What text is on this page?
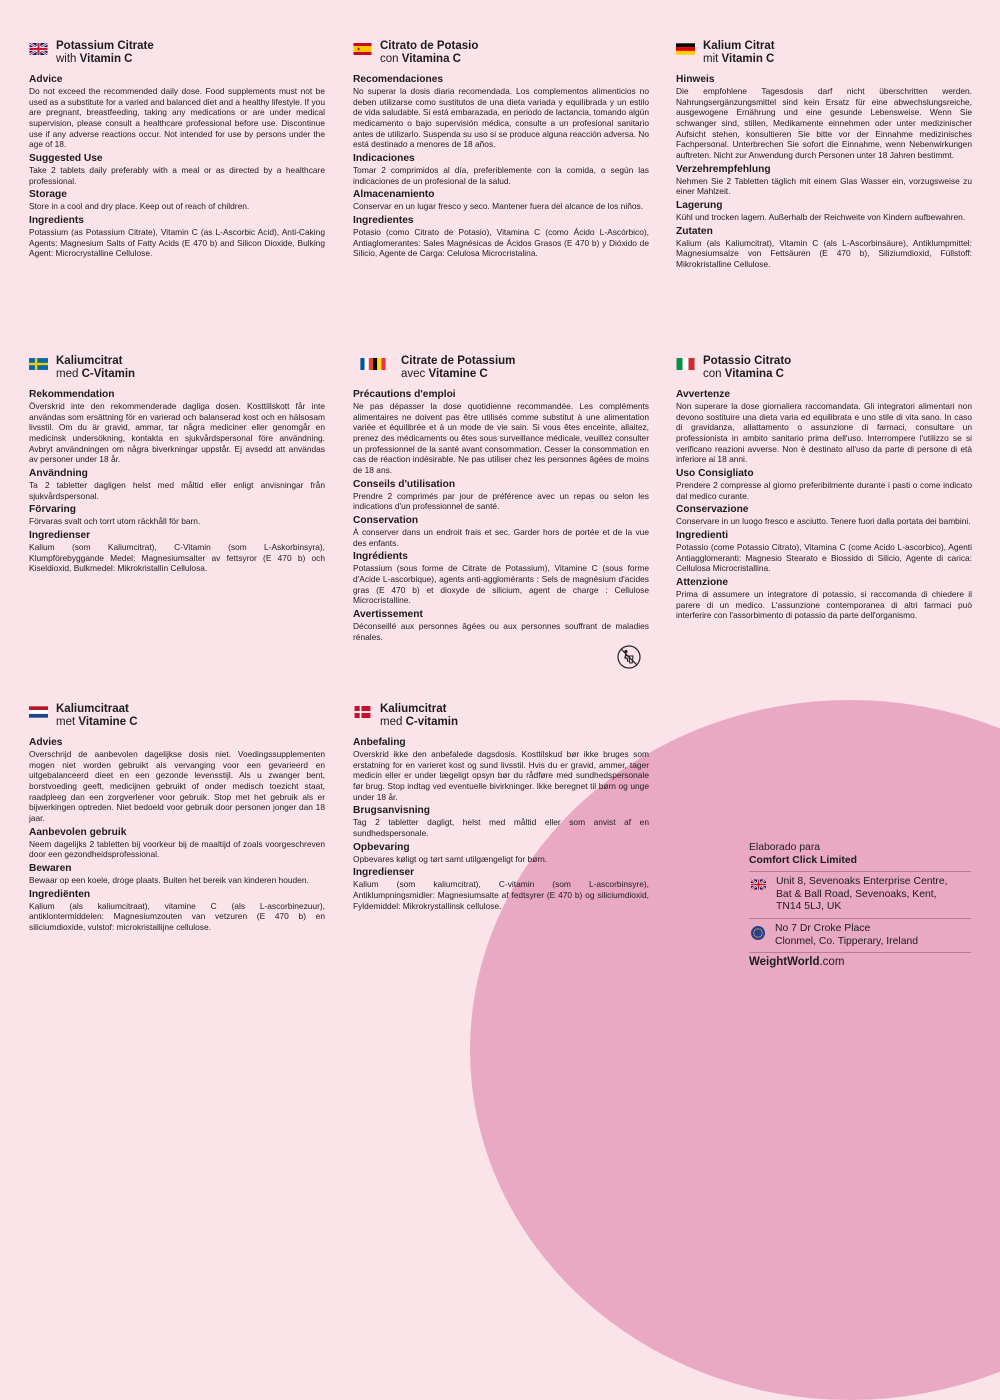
Potassium Citrate
with Vitamin C
Advice

Do not exceed the recommended daily dose. Food supplements must not be used as a substitute for a varied and balanced diet and a healthy lifestyle. If you are pregnant, breastfeeding, taking any medications or are under medical supervision, please consult a healthcare professional before use. Discontinue use if any adverse reactions occur. Not intended for use by persons under the age of 18.

Suggested Use

Take 2 tablets daily preferably with a meal or as directed by a healthcare professional.

Storage

Store in a cool and dry place. Keep out of reach of children.

Ingredients

Potassium (as Potassium Citrate), Vitamin C (as L-Ascorbic Acid), Anti-Caking Agents: Magnesium Salts of Fatty Acids (E 470 b) and Silicon Dioxide, Bulking Agent: Microcrystalline Cellulose.

Citrato de Potasio
con Vitamina C
Recomendaciones

No superar la dosis diaria recomendada. Los complementos alimenticios no deben utilizarse como sustitutos de una dieta variada y equilibrada y un estilo de vida saludable. Si está embarazada, en periodo de lactancia, tomando algún medicamento o bajo supervisión médica, consulte a un profesional sanitario antes de utilizarlo. Suspenda su uso si se produce alguna reacción adversa. No está destinado a menores de 18 años.

Indicaciones

Tomar 2 comprimidos al día, preferiblemente con la comida, o según las indicaciones de un profesional de la salud.

Almacenamiento

Conservar en un lugar fresco y seco. Mantener fuera del alcance de los niños.

Ingredientes

Potasio (como Citrato de Potasio), Vitamina C (como Ácido L-Ascórbico), Antiaglomerantes: Sales Magnésicas de Ácidos Grasos (E 470 b) y Dióxido de Silicio, Agente de Carga: Celulosa Microcristalina.

Kalium Citrat
mit Vitamin C
Hinweis

Die empfohlene Tagesdosis darf nicht überschritten werden. Nahrungsergänzungsmittel sind kein Ersatz für eine abwechslungsreiche, ausgewogene Ernährung und eine gesunde Lebensweise. Wenn Sie schwanger sind, stillen, Medikamente einnehmen oder unter medizinischer Aufsicht stehen, konsultieren Sie bitte vor der Einnahme medizinisches Fachpersonal. Unterbrechen Sie sofort die Einnahme, wenn Nebenwirkungen auftreten. Nicht zur Anwendung durch Personen unter 18 Jahren bestimmt.

Verzehrempfehlung

Nehmen Sie 2 Tabletten täglich mit einem Glas Wasser ein, vorzugsweise zu einer Mahlzeit.

Lagerung

Kühl und trocken lagern. Außerhalb der Reichweite von Kindern aufbewahren.

Zutaten

Kalium (als Kaliumcitrat), Vitamin C (als L-Ascorbinsäure), Antiklumpmittel: Magnesiumsalze von Fettsäuren (E 470 b), Siliziumdioxid, Füllstoff: Mikrokristalline Cellulose.

Kaliumcitrat
med C-Vitamin
Rekommendation

Överskrid inte den rekommenderade dagliga dosen. Kosttillskott får inte användas som ersättning för en varierad och balanserad kost och en hälsosam livsstil. Om du är gravid, ammar, tar några mediciner eller genomgår en medicinsk undersökning, kontakta en sjukvårdspersonal före användning. Avbryt användningen om några biverkningar uppstår. Ej avsedd att användas av personer under 18 år.

Användning

Ta 2 tabletter dagligen helst med måltid eller enligt anvisningar från sjukvårdspersonal.

Förvaring

Förvaras svalt och torrt utom räckhåll för barn.

Ingredienser

Kalium (som Kaliumcitrat), C-Vitamin (som L-Askorbinsyra), Klumpförebyggande Medel: Magnesiumsalter av fettsyror (E 470 b) och Kiseldioxid, Bulkmedel: Mikrokristallin Cellulosa.

Citrate de Potassium
avec Vitamine C
Précautions d'emploi

Ne pas dépasser la dose quotidienne recommandée. Les compléments alimentaires ne doivent pas être utilisés comme substitut à une alimentation variée et équilibrée et à un mode de vie sain. Si vous êtes enceinte, allaitez, prenez des médicaments ou êtes sous surveillance médicale, veuillez consulter un professionnel de la santé avant consommation. Cesser la consommation en cas de réaction indésirable. Ne pas utiliser chez les personnes âgées de moins de 18 ans.

Conseils d'utilisation

Prendre 2 comprimés par jour de préférence avec un repas ou selon les indications d'un professionnel de santé.

Conservation

À conserver dans un endroit frais et sec. Garder hors de portée et de la vue des enfants.

Ingrédients

Potassium (sous forme de Citrate de Potassium), Vitamine C (sous forme d'Acide L-ascorbique), agents anti-agglomérants : Sels de magnésium d'acides gras (E 470 b) et dioxyde de silicium, agent de charge : Cellulose Microcristalline.

Avertissement

Déconseillé aux personnes âgées ou aux personnes souffrant de maladies rénales.

Potassio Citrato
con Vitamina C
Avvertenze

Non superare la dose giornaliera raccomandata. Gli integratori alimentari non devono sostituire una dieta varia ed equilibrata e uno stile di vita sano. In caso di gravidanza, allattamento o assunzione di farmaci, consultare un professionista in ambito sanitario prima dell'uso. Interrompere l'utilizzo se si verificano reazioni avverse. Non è destinato all'uso da parte di persone di età inferiore ai 18 anni.

Uso Consigliato

Prendere 2 compresse al giorno preferibilmente durante i pasti o come indicato dal medico curante.

Conservazione

Conservare in un luogo fresco e asciutto. Tenere fuori dalla portata dei bambini.

Ingredienti

Potassio (come Potassio Citrato), Vitamina C (come Acido L-ascorbico), Agenti Antiagglomeranti: Magnesio Stearato e Biossido di Silicio, Agente di carica: Cellulosa Microcristallina.

Attenzione

Prima di assumere un integratore di potassio, si raccomanda di chiedere il parere di un medico. L'assunzione contemporanea di altri farmaci può interferire con l'assorbimento di potassio da parte dell'organismo.

Kaliumcitraat
met Vitamine C
Advies

Overschrijd de aanbevolen dagelijkse dosis niet. Voedingssupplementen mogen niet worden gebruikt als vervanging voor een gevarieerd en uitgebalanceerd dieet en een gezonde levensstijl. Als u zwanger bent, borstvoeding geeft, medicijnen gebruikt of onder medisch toezicht staat, raadpleeg dan een zorgverlener voor gebruik. Stop met het gebruik als er bijwerkingen optreden. Niet bedoeld voor gebruik door personen jonger dan 18 jaar.

Aanbevolen gebruik

Neem dagelijks 2 tabletten bij voorkeur bij de maaltijd of zoals voorgeschreven door een gezondheidsprofessional.

Bewaren

Bewaar op een koele, droge plaats. Buiten het bereik van kinderen houden.

Ingrediënten

Kalium (als kaliumcitraat), vitamine C (als L-ascorbinezuur), antiklontermiddelen: Magnesiumzouten van vetzuren (E 470 b) en siliciumdioxide, vulstof: microkristallijne cellulose.

Kaliumcitrat
med C-vitamin
Anbefaling

Overskrid ikke den anbefalede dagsdosis. Kosttilskud bør ikke bruges som erstatning for en varieret kost og sund livsstil. Hvis du er gravid, ammer, tager medicin eller er under lægeligt opsyn bør du rådføre med sundhedspersonale før brug. Stop indtag ved eventuelle bivirkninger. Ikke beregnet til børn og unge under 18 år.

Brugsanvisning

Tag 2 tabletter dagligt, helst med måltid eller som anvist af en sundhedspersonale.

Opbevaring

Opbevares køligt og tørt samt utilgængeligt for børn.

Ingredienser

Kalium (som kaliumcitrat), C-vitamin (som L-ascorbinsyre), Antiklumpningsmidler: Magnesiumsalte af fedtsyrer (E 470 b) og siliciumdioxid, Fyldemiddel: Mikrokrystallinsk cellulose.

Elaborado para
Comfort Click Limited
Unit 8, Sevenoaks Enterprise Centre,
Bat & Ball Road, Sevenoaks, Kent,
TN14 5LJ, UK
No 7 Dr Croke Place
Clonmel, Co. Tipperary, Ireland
WeightWorld.com
